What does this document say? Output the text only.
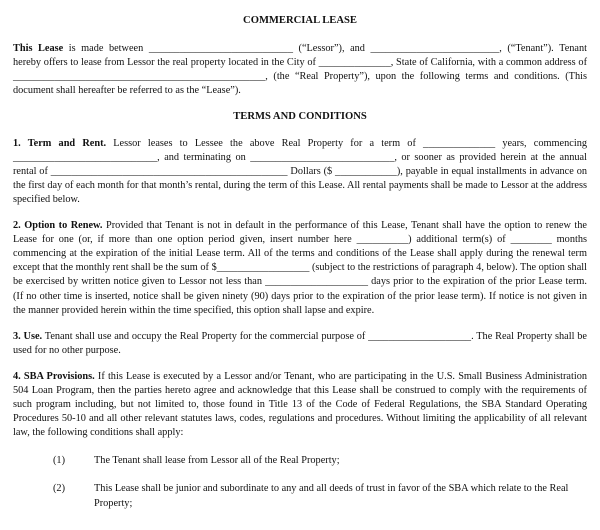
COMMERCIAL LEASE

This Lease is made between ____________________________ (“Lessor”), and _________________________, (“Tenant”). Tenant hereby offers to lease from Lessor the real property located in the City of ______________, State of California, with a common address of _________________________________________________, (the “Real Property”), upon the following terms and conditions. (This document shall hereafter be referred to as the “Lease”).

TERMS AND CONDITIONS

1. Term and Rent. Lessor leases to Lessee the above Real Property for a term of ______________ years, commencing ____________________________, and terminating on ____________________________, or sooner as provided herein at the annual rental of ______________________________________________ Dollars ($ ____________), payable in equal installments in advance on the first day of each month for that month’s rental, during the term of this Lease. All rental payments shall be made to Lessor at the address specified below.

2. Option to Renew. Provided that Tenant is not in default in the performance of this Lease, Tenant shall have the option to renew the Lease for one (or, if more than one option period given, insert number here __________) additional term(s) of ________ months commencing at the expiration of the initial Lease term. All of the terms and conditions of the Lease shall apply during the renewal term except that the monthly rent shall be the sum of $__________________ (subject to the restrictions of paragraph 4, below). The option shall be exercised by written notice given to Lessor not less than ____________________ days prior to the expiration of the prior Lease term. (If no other time is inserted, notice shall be given ninety (90) days prior to the expiration of the prior lease term). If notice is not given in the manner provided herein within the time specified, this option shall lapse and expire.

3. Use. Tenant shall use and occupy the Real Property for the commercial purpose of ____________________. The Real Property shall be used for no other purpose.

4. SBA Provisions. If this Lease is executed by a Lessor and/or Tenant, who are participating in the U.S. Small Business Administration 504 Loan Program, then the parties hereto agree and acknowledge that this Lease shall be construed to comply with the requirements of such program including, but not limited to, those found in Title 13 of the Code of Federal Regulations, the SBA Standard Operating Procedures 50-10 and all other relevant statutes laws, codes, regulations and procedures. Without limiting the applicability of all relevant law, the following conditions shall apply:

(1)	The Tenant shall lease from Lessor all of the Real Property;
(2)	This Lease shall be junior and subordinate to any and all deeds of trust in favor of the SBA which relate to the Real Property;
